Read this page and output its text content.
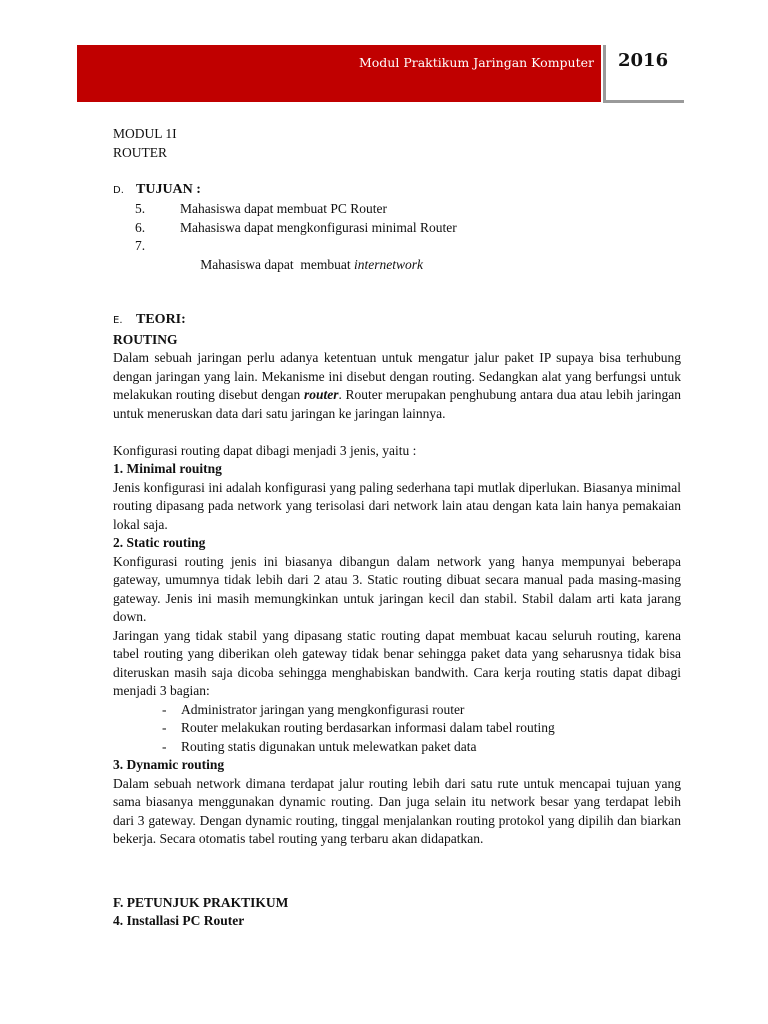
Modul Praktikum Jaringan Komputer 2016
MODUL 1I
ROUTER
D. TUJUAN :
5.	Mahasiswa dapat membuat PC Router
6.	Mahasiswa dapat mengkonfigurasi minimal Router
7.

Mahasiswa dapat  membuat internetwork

E. TEORI:
ROUTING
Dalam sebuah jaringan perlu adanya ketentuan untuk mengatur jalur paket IP supaya bisa terhubung dengan jaringan yang lain. Mekanisme ini disebut dengan routing. Sedangkan alat yang berfungsi untuk melakukan routing disebut dengan router. Router merupakan penghubung antara dua atau lebih jaringan untuk meneruskan data dari satu jaringan ke jaringan lainnya.
Konfigurasi routing dapat dibagi menjadi 3 jenis, yaitu :
1. Minimal rouitng
Jenis konfigurasi ini adalah konfigurasi yang paling sederhana tapi mutlak diperlukan. Biasanya minimal routing dipasang pada network yang terisolasi dari network lain atau dengan kata lain hanya pemakaian lokal saja.
2. Static routing
Konfigurasi routing jenis ini biasanya dibangun dalam network yang hanya mempunyai beberapa gateway, umumnya tidak lebih dari 2 atau 3. Static routing dibuat secara manual pada masing-masing gateway. Jenis ini masih memungkinkan untuk jaringan kecil dan stabil. Stabil dalam arti kata jarang down.
Jaringan yang tidak stabil yang dipasang static routing dapat membuat kacau seluruh routing, karena tabel routing yang diberikan oleh gateway tidak benar sehingga paket data yang seharusnya tidak bisa diteruskan masih saja dicoba sehingga menghabiskan bandwith. Cara kerja routing statis dapat dibagi menjadi 3 bagian:
-	Administrator jaringan yang mengkonfigurasi router
-	Router melakukan routing berdasarkan informasi dalam tabel routing
-	Routing statis digunakan untuk melewatkan paket data
3. Dynamic routing
Dalam sebuah network dimana terdapat jalur routing lebih dari satu rute untuk mencapai tujuan yang sama biasanya menggunakan dynamic routing. Dan juga selain itu network besar yang terdapat lebih dari 3 gateway. Dengan dynamic routing, tinggal menjalankan routing protokol yang dipilih dan biarkan bekerja. Secara otomatis tabel routing yang terbaru akan didapatkan.
F. PETUNJUK PRAKTIKUM
4. Installasi PC Router
